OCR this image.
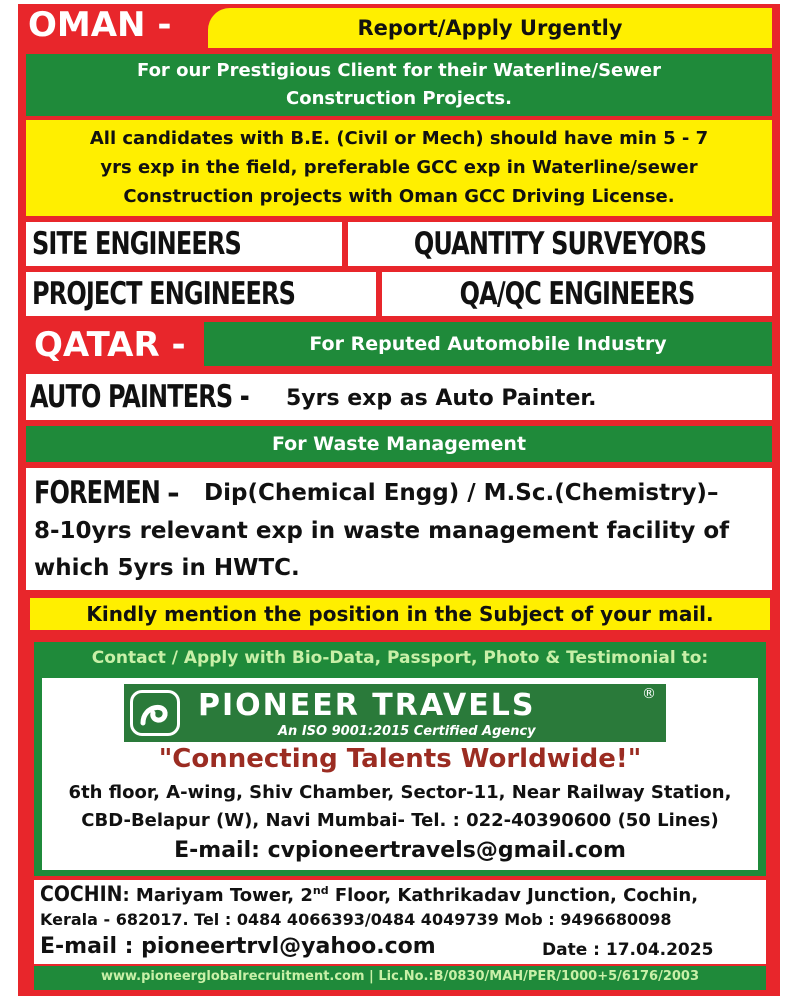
OMAN -	Report/Apply Urgently
For our Prestigious Client for their Waterline/Sewer
Construction Projects.
All candidates with B.E. (Civil or Mech) should have min 5 - 7
yrs exp in the field, preferable GCC exp in Waterline/sewer
Construction projects with Oman GCC Driving License.
SITE ENGINEERS	QUANTITY SURVEYORS
PROJECT ENGINEERS	QA/QC ENGINEERS
QATAR -	For Reputed Automobile Industry
AUTO PAINTERS - 5yrs exp as Auto Painter.
For Waste Management
FOREMEN –	Dip(Chemical Engg) / M.Sc.(Chemistry)–
8-10yrs relevant exp in waste management facility of
which 5yrs in HWTC.
Kindly mention the position in the Subject of your mail.
Contact / Apply with Bio-Data, Passport, Photo & Testimonial to:
PIONEER TRAVELS	®
An ISO 9001:2015 Certified Agency
"Connecting Talents Worldwide!"
6th floor, A-wing, Shiv Chamber, Sector-11, Near Railway Station,
CBD-Belapur (W), Navi Mumbai- Tel. : 022-40390600 (50 Lines)
E-mail: cvpioneertravels@gmail.com
COCHIN: Mariyam Tower, 2nd Floor, Kathrikadav Junction, Cochin,
Kerala - 682017. Tel : 0484 4066393/0484 4049739 Mob : 9496680098
E-mail : pioneertrvl@yahoo.com	Date : 17.04.2025
www.pioneerglobalrecruitment.com | Lic.No.:B/0830/MAH/PER/1000+5/6176/2003
